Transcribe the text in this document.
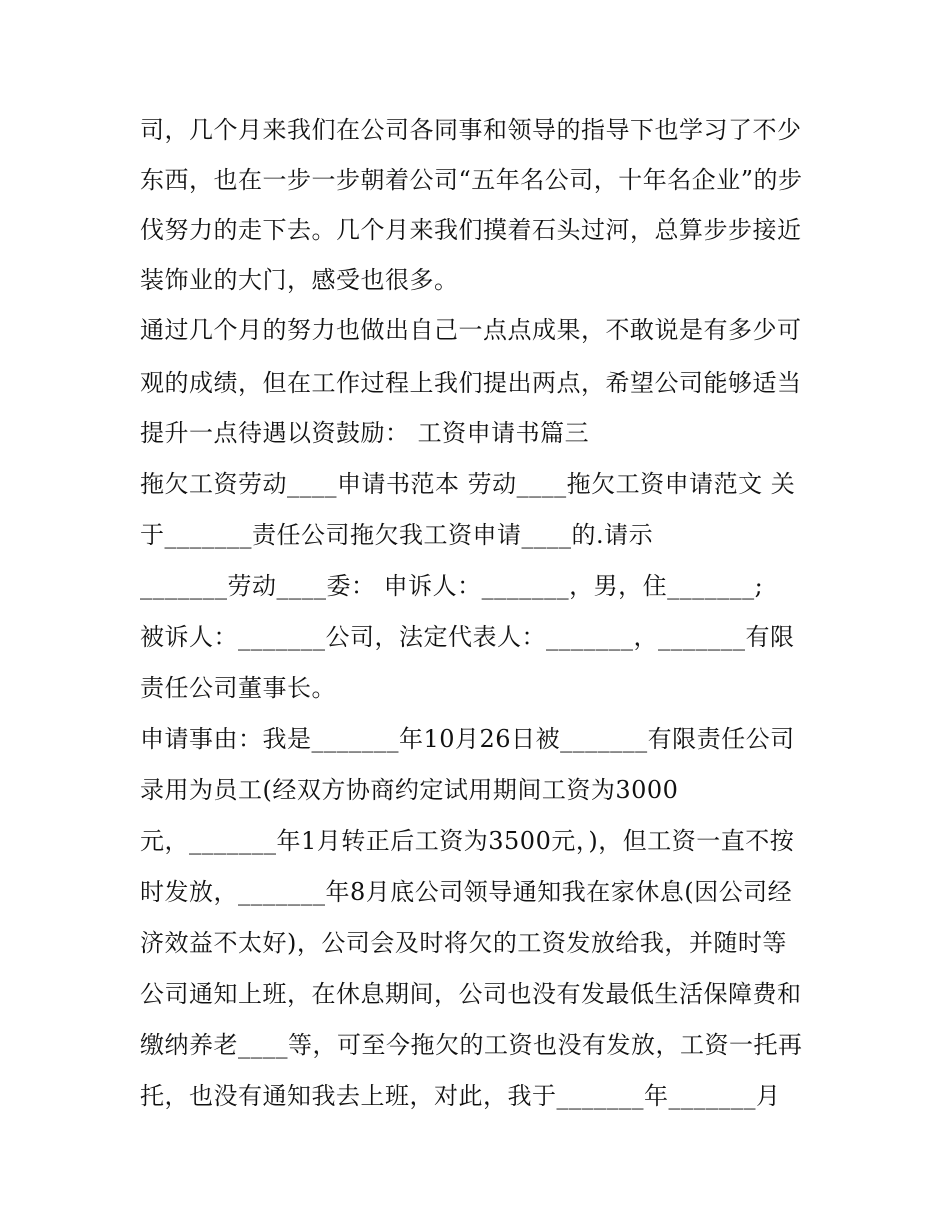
司，几个月来我们在公司各同事和领导的指导下也学习了不少
东西，也在一步一步朝着公司“五年名公司，十年名企业”的步
伐努力的走下去。几个月来我们摸着石头过河，总算步步接近
装饰业的大门，感受也很多。
通过几个月的努力也做出自己一点点成果，不敢说是有多少可
观的成绩，但在工作过程上我们提出两点，希望公司能够适当
提升一点待遇以资鼓励： 工资申请书篇三
拖欠工资劳动____申请书范本 劳动____拖欠工资申请范文 关
于_______责任公司拖欠我工资申请____的.请示
_______劳动____委： 申诉人：_______，男，住_______;
被诉人：_______公司，法定代表人：_______，_______有限
责任公司董事长。
申请事由：我是_______年10月26日被_______有限责任公司
录用为员工(经双方协商约定试用期间工资为3000
元，_______年1月转正后工资为3500元，)，但工资一直不按
时发放，_______年8月底公司领导通知我在家休息(因公司经
济效益不太好)，公司会及时将欠的工资发放给我，并随时等
公司通知上班，在休息期间，公司也没有发最低生活保障费和
缴纳养老____等，可至今拖欠的工资也没有发放，工资一托再
托，也没有通知我去上班，对此，我于_______年_______月
